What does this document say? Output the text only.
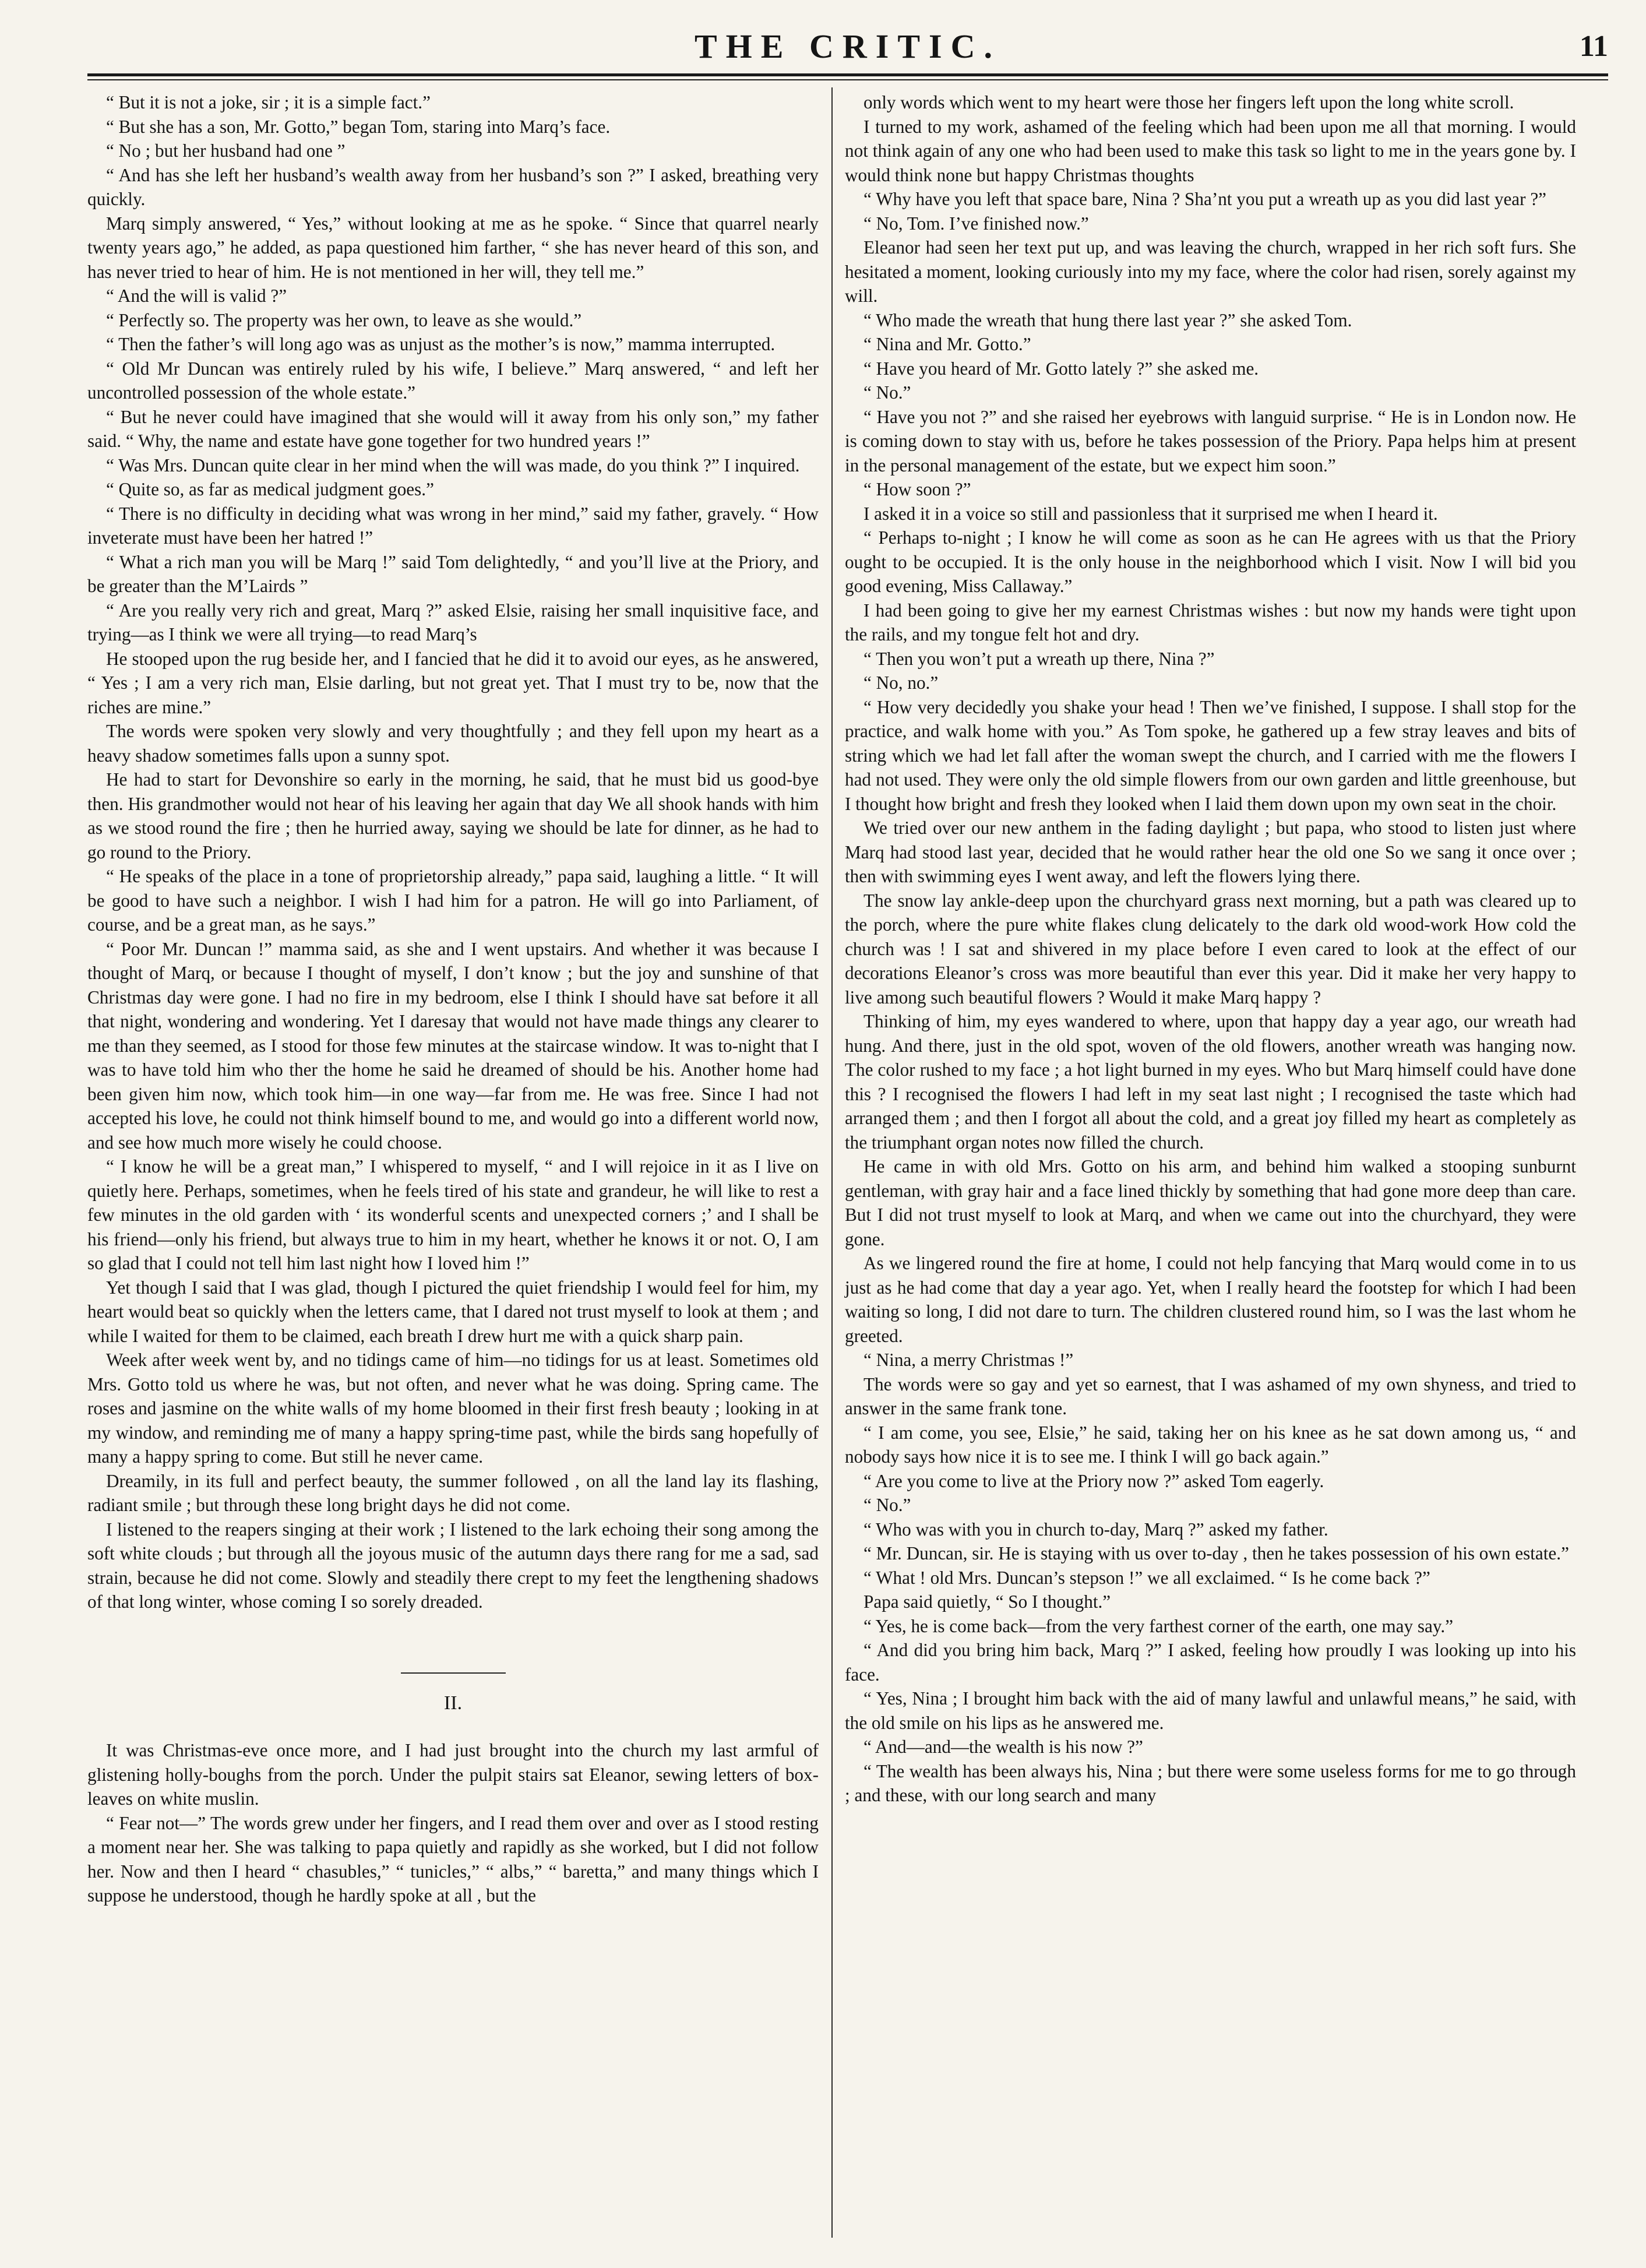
THE CRITIC.	11

“ But it is not a joke, sir ; it is a simple fact.”

“ But she has a son, Mr. Gotto,” began Tom, staring into Marq’s face.

“ No ; but her husband had one ”

“ And has she left her husband’s wealth away from her husband’s son ?” I asked, breathing very quickly.

Marq simply answered, “ Yes,” without looking at me as he spoke. “ Since that quarrel nearly twenty years ago,” he added, as papa questioned him farther, “ she has never heard of this son, and has never tried to hear of him. He is not mentioned in her will, they tell me.”

“ And the will is valid ?”

“ Perfectly so. The property was her own, to leave as she would.”

“ Then the father’s will long ago was as unjust as the mother’s is now,” mamma interrupted.

“ Old Mr Duncan was entirely ruled by his wife, I believe.” Marq answered, “ and left her uncontrolled possession of the whole estate.”

“ But he never could have imagined that she would will it away from his only son,” my father said. “ Why, the name and estate have gone together for two hundred years !”

“ Was Mrs. Duncan quite clear in her mind when the will was made, do you think ?” I inquired.

“ Quite so, as far as medical judgment goes.”

“ There is no difficulty in deciding what was wrong in her mind,” said my father, gravely. “ How inveterate must have been her hatred !”

“ What a rich man you will be Marq !” said Tom delightedly, “ and you’ll live at the Priory, and be greater than the M’Lairds ”

“ Are you really very rich and great, Marq ?” asked Elsie, raising her small inquisitive face, and trying—as I think we were all trying—to read Marq’s

He stooped upon the rug beside her, and I fancied that he did it to avoid our eyes, as he answered, “ Yes ; I am a very rich man, Elsie darling, but not great yet. That I must try to be, now that the riches are mine.”

The words were spoken very slowly and very thoughtfully ; and they fell upon my heart as a heavy shadow sometimes falls upon a sunny spot.

He had to start for Devonshire so early in the morning, he said, that he must bid us good-bye then. His grandmother would not hear of his leaving her again that day We all shook hands with him as we stood round the fire ; then he hurried away, saying we should be late for dinner, as he had to go round to the Priory.

“ He speaks of the place in a tone of proprietorship already,” papa said, laughing a little. “ It will be good to have such a neighbor. I wish I had him for a patron. He will go into Parliament, of course, and be a great man, as he says.”

“ Poor Mr. Duncan !” mamma said, as she and I went upstairs. And whether it was because I thought of Marq, or because I thought of myself, I don’t know ; but the joy and sunshine of that Christmas day were gone. I had no fire in my bedroom, else I think I should have sat before it all that night, wondering and wondering. Yet I daresay that would not have made things any clearer to me than they seemed, as I stood for those few minutes at the staircase window. It was to-night that I was to have told him who ther the home he said he dreamed of should be his. Another home had been given him now, which took him—in one way—far from me. He was free. Since I had not accepted his love, he could not think himself bound to me, and would go into a different world now, and see how much more wisely he could choose.

“ I know he will be a great man,” I whispered to myself, “ and I will rejoice in it as I live on quietly here. Perhaps, sometimes, when he feels tired of his state and grandeur, he will like to rest a few minutes in the old garden with ‘ its wonderful scents and unexpected corners ;’ and I shall be his friend—only his friend, but always true to him in my heart, whether he knows it or not. O, I am so glad that I could not tell him last night how I loved him !”

Yet though I said that I was glad, though I pictured the quiet friendship I would feel for him, my heart would beat so quickly when the letters came, that I dared not trust myself to look at them ; and while I waited for them to be claimed, each breath I drew hurt me with a quick sharp pain.

Week after week went by, and no tidings came of him—no tidings for us at least. Sometimes old Mrs. Gotto told us where he was, but not often, and never what he was doing. Spring came. The roses and jasmine on the white walls of my home bloomed in their first fresh beauty ; looking in at my window, and reminding me of many a happy spring-time past, while the birds sang hopefully of many a happy spring to come. But still he never came.

Dreamily, in its full and perfect beauty, the summer followed , on all the land lay its flashing, radiant smile ; but through these long bright days he did not come.

I listened to the reapers singing at their work ; I listened to the lark echoing their song among the soft white clouds ; but through all the joyous music of the autumn days there rang for me a sad, sad strain, because he did not come. Slowly and steadily there crept to my feet the lengthening shadows of that long winter, whose coming I so sorely dreaded.

II.

It was Christmas-eve once more, and I had just brought into the church my last armful of glistening holly-boughs from the porch. Under the pulpit stairs sat Eleanor, sewing letters of box-leaves on white muslin.

“ Fear not—” The words grew under her fingers, and I read them over and over as I stood resting a moment near her. She was talking to papa quietly and rapidly as she worked, but I did not follow her. Now and then I heard “ chasubles,” “ tunicles,” “ albs,” “ baretta,” and many things which I suppose he understood, though he hardly spoke at all , but the

only words which went to my heart were those her fingers left upon the long white scroll.

I turned to my work, ashamed of the feeling which had been upon me all that morning. I would not think again of any one who had been used to make this task so light to me in the years gone by. I would think none but happy Christmas thoughts

“ Why have you left that space bare, Nina ? Sha’nt you put a wreath up as you did last year ?”

“ No, Tom. I’ve finished now.”

Eleanor had seen her text put up, and was leaving the church, wrapped in her rich soft furs. She hesitated a moment, looking curiously into my my face, where the color had risen, sorely against my will.

“ Who made the wreath that hung there last year ?” she asked Tom.

“ Nina and Mr. Gotto.”

“ Have you heard of Mr. Gotto lately ?” she asked me.

“ No.”

“ Have you not ?” and she raised her eyebrows with languid surprise. “ He is in London now. He is coming down to stay with us, before he takes possession of the Priory. Papa helps him at present in the personal management of the estate, but we expect him soon.”

“ How soon ?”

I asked it in a voice so still and passionless that it surprised me when I heard it.

“ Perhaps to-night ; I know he will come as soon as he can He agrees with us that the Priory ought to be occupied. It is the only house in the neighborhood which I visit. Now I will bid you good evening, Miss Callaway.”

I had been going to give her my earnest Christmas wishes : but now my hands were tight upon the rails, and my tongue felt hot and dry.

“ Then you won’t put a wreath up there, Nina ?”

“ No, no.”

“ How very decidedly you shake your head ! Then we’ve finished, I suppose. I shall stop for the practice, and walk home with you.” As Tom spoke, he gathered up a few stray leaves and bits of string which we had let fall after the woman swept the church, and I carried with me the flowers I had not used. They were only the old simple flowers from our own garden and little greenhouse, but I thought how bright and fresh they looked when I laid them down upon my own seat in the choir.

We tried over our new anthem in the fading daylight ; but papa, who stood to listen just where Marq had stood last year, decided that he would rather hear the old one So we sang it once over ; then with swimming eyes I went away, and left the flowers lying there.

The snow lay ankle-deep upon the churchyard grass next morning, but a path was cleared up to the porch, where the pure white flakes clung delicately to the dark old wood-work How cold the church was ! I sat and shivered in my place before I even cared to look at the effect of our decorations Eleanor’s cross was more beautiful than ever this year. Did it make her very happy to live among such beautiful flowers ? Would it make Marq happy ?

Thinking of him, my eyes wandered to where, upon that happy day a year ago, our wreath had hung. And there, just in the old spot, woven of the old flowers, another wreath was hanging now. The color rushed to my face ; a hot light burned in my eyes. Who but Marq himself could have done this ? I recognised the flowers I had left in my seat last night ; I recognised the taste which had arranged them ; and then I forgot all about the cold, and a great joy filled my heart as completely as the triumphant organ notes now filled the church.

He came in with old Mrs. Gotto on his arm, and behind him walked a stooping sunburnt gentleman, with gray hair and a face lined thickly by something that had gone more deep than care. But I did not trust myself to look at Marq, and when we came out into the churchyard, they were gone.

As we lingered round the fire at home, I could not help fancying that Marq would come in to us just as he had come that day a year ago. Yet, when I really heard the footstep for which I had been waiting so long, I did not dare to turn. The children clustered round him, so I was the last whom he greeted.

“ Nina, a merry Christmas !”

The words were so gay and yet so earnest, that I was ashamed of my own shyness, and tried to answer in the same frank tone.

“ I am come, you see, Elsie,” he said, taking her on his knee as he sat down among us, “ and nobody says how nice it is to see me. I think I will go back again.”

“ Are you come to live at the Priory now ?” asked Tom eagerly.

“ No.”

“ Who was with you in church to-day, Marq ?” asked my father.

“ Mr. Duncan, sir. He is staying with us over to-day , then he takes possession of his own estate.”

“ What ! old Mrs. Duncan’s stepson !” we all exclaimed. “ Is he come back ?”

Papa said quietly, “ So I thought.”

“ Yes, he is come back—from the very farthest corner of the earth, one may say.”

“ And did you bring him back, Marq ?” I asked, feeling how proudly I was looking up into his face.

“ Yes, Nina ; I brought him back with the aid of many lawful and unlawful means,” he said, with the old smile on his lips as he answered me.

“ And—and—the wealth is his now ?”

“ The wealth has been always his, Nina ; but there were some useless forms for me to go through ; and these, with our long search and many
